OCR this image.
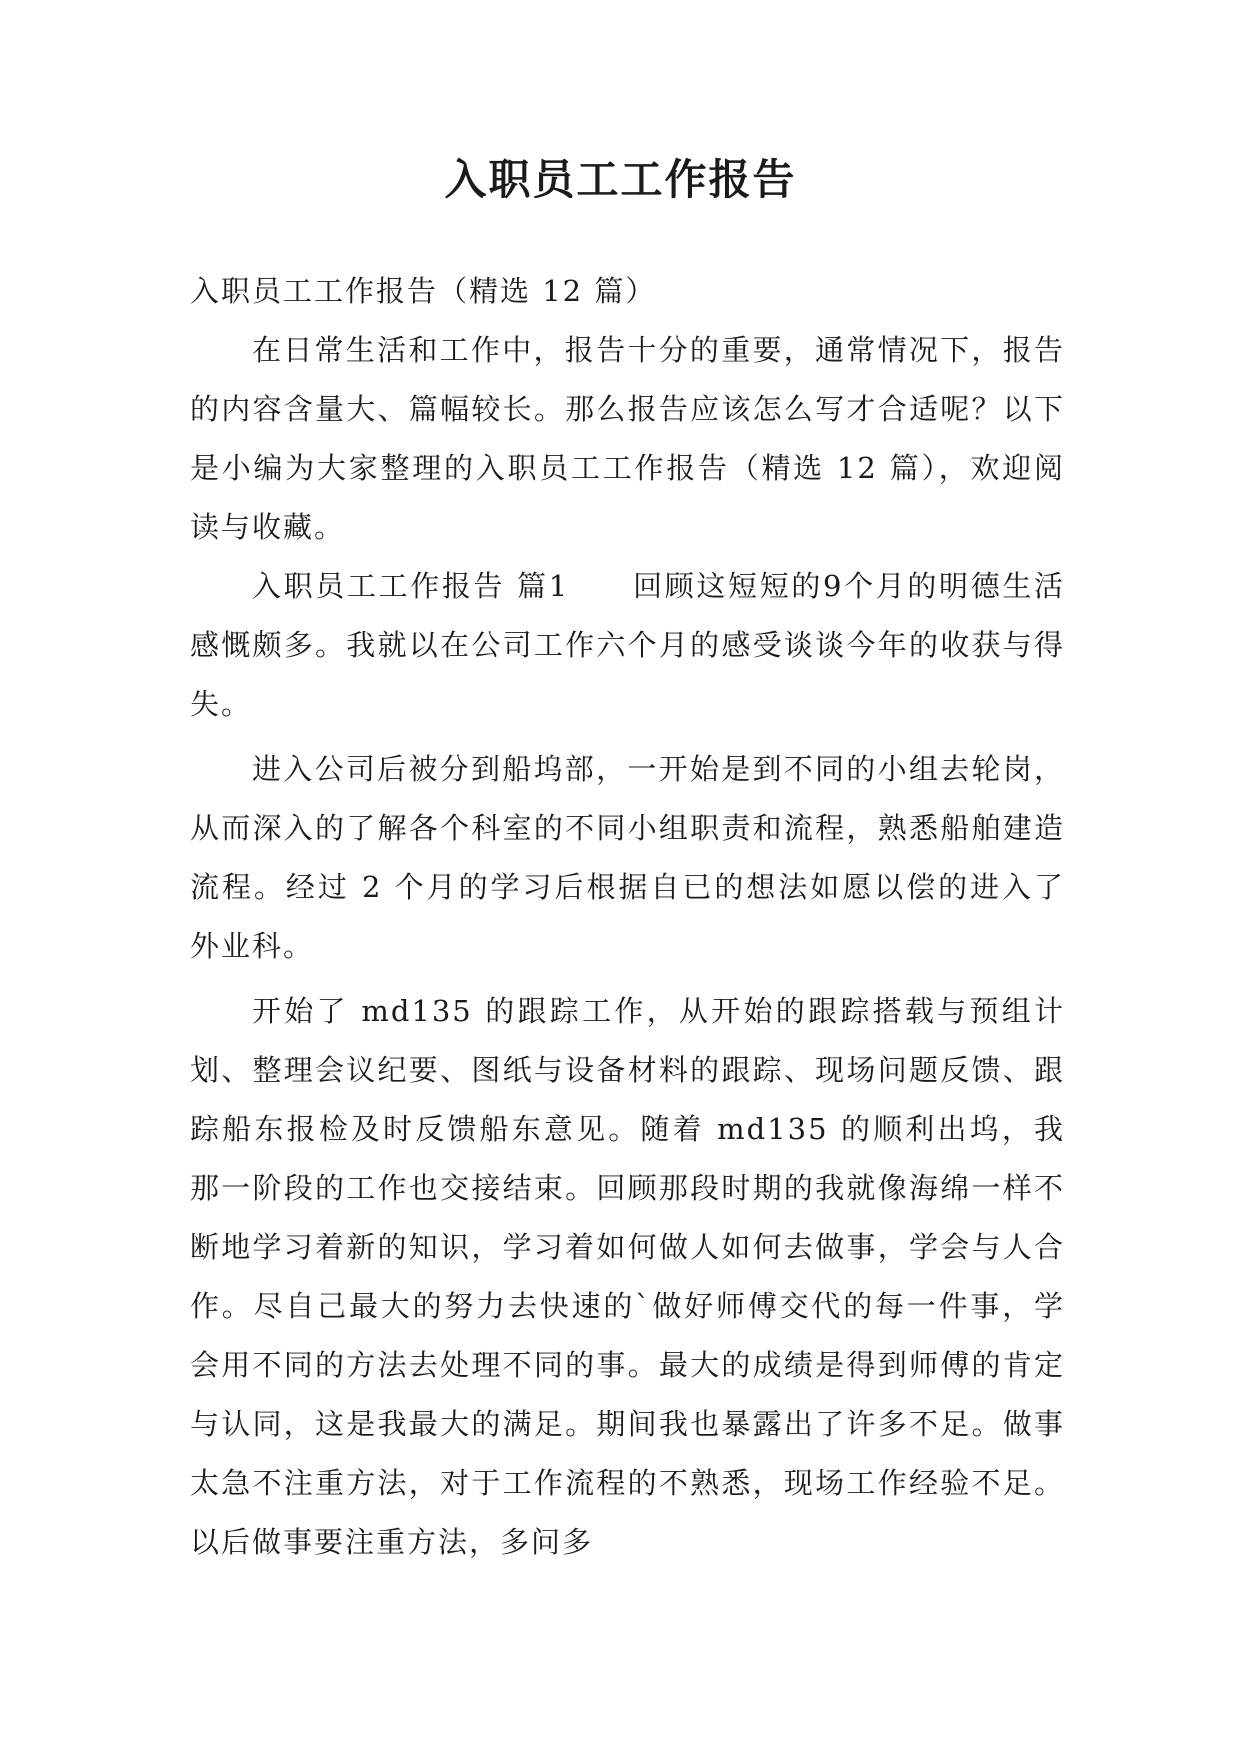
入职员工工作报告

入职员工工作报告（精选 12 篇）

在日常生活和工作中，报告十分的重要，通常情况下，报告的内容含量大、篇幅较长。那么报告应该怎么写才合适呢？以下是小编为大家整理的入职员工工作报告（精选 12 篇），欢迎阅读与收藏。

入职员工工作报告 篇1　　回顾这短短的9个月的明德生活感慨颇多。我就以在公司工作六个月的感受谈谈今年的收获与得失。

进入公司后被分到船坞部，一开始是到不同的小组去轮岗，从而深入的了解各个科室的不同小组职责和流程，熟悉船舶建造流程。经过 2 个月的学习后根据自已的想法如愿以偿的进入了外业科。

开始了 md135 的跟踪工作，从开始的跟踪搭载与预组计划、整理会议纪要、图纸与设备材料的跟踪、现场问题反馈、跟踪船东报检及时反馈船东意见。随着 md135 的顺利出坞，我那一阶段的工作也交接结束。回顾那段时期的我就像海绵一样不断地学习着新的知识，学习着如何做人如何去做事，学会与人合作。尽自己最大的努力去快速的`做好师傅交代的每一件事，学会用不同的方法去处理不同的事。最大的成绩是得到师傅的肯定与认同，这是我最大的满足。期间我也暴露出了许多不足。做事太急不注重方法，对于工作流程的不熟悉，现场工作经验不足。以后做事要注重方法，多问多
